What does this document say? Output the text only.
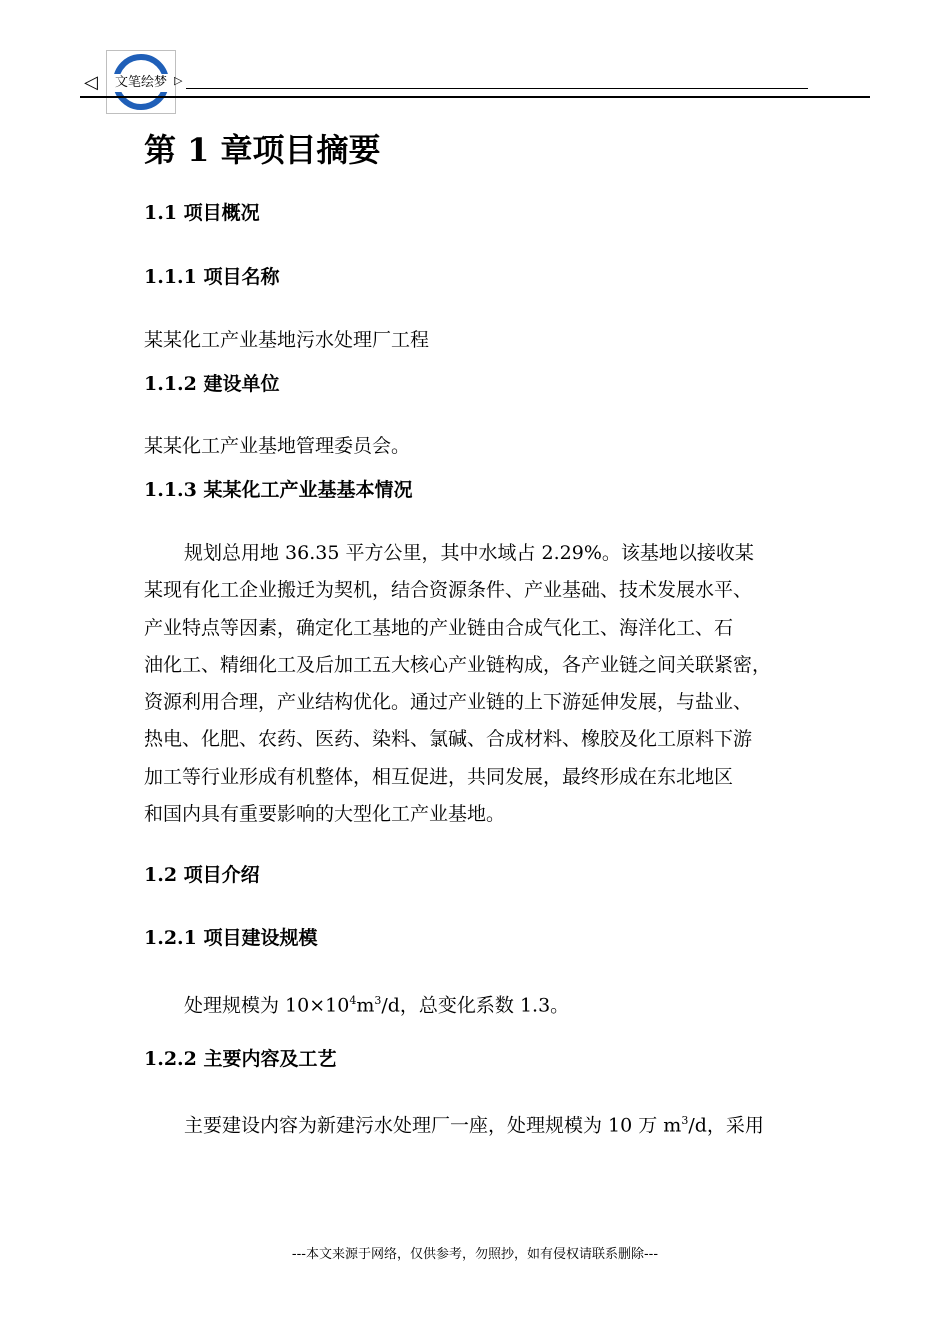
◁	文笔绘梦 ▷
第 1 章项目摘要
1.1 项目概况
1.1.1 项目名称
某某化工产业基地污水处理厂工程
1.1.2 建设单位
某某化工产业基地管理委员会。
1.1.3 某某化工产业基基本情况
规划总用地 36.35 平方公里，其中水域占 2.29%。该基地以接收某
某现有化工企业搬迁为契机，结合资源条件、产业基础、技术发展水平、
产业特点等因素，确定化工基地的产业链由合成气化工、海洋化工、石
油化工、精细化工及后加工五大核心产业链构成，各产业链之间关联紧密，
资源利用合理，产业结构优化。通过产业链的上下游延伸发展，与盐业、
热电、化肥、农药、医药、染料、氯碱、合成材料、橡胶及化工原料下游
加工等行业形成有机整体，相互促进，共同发展，最终形成在东北地区
和国内具有重要影响的大型化工产业基地。
1.2 项目介绍
1.2.1 项目建设规模
处理规模为 $10\times 10^4m^3/d$，总变化系数 1.3。
1.2.2 主要内容及工艺
主要建设内容为新建污水处理厂一座，处理规模为 10 万 $m^3/d$，采用
---本文来源于网络，仅供参考，勿照抄，如有侵权请联系删除---
